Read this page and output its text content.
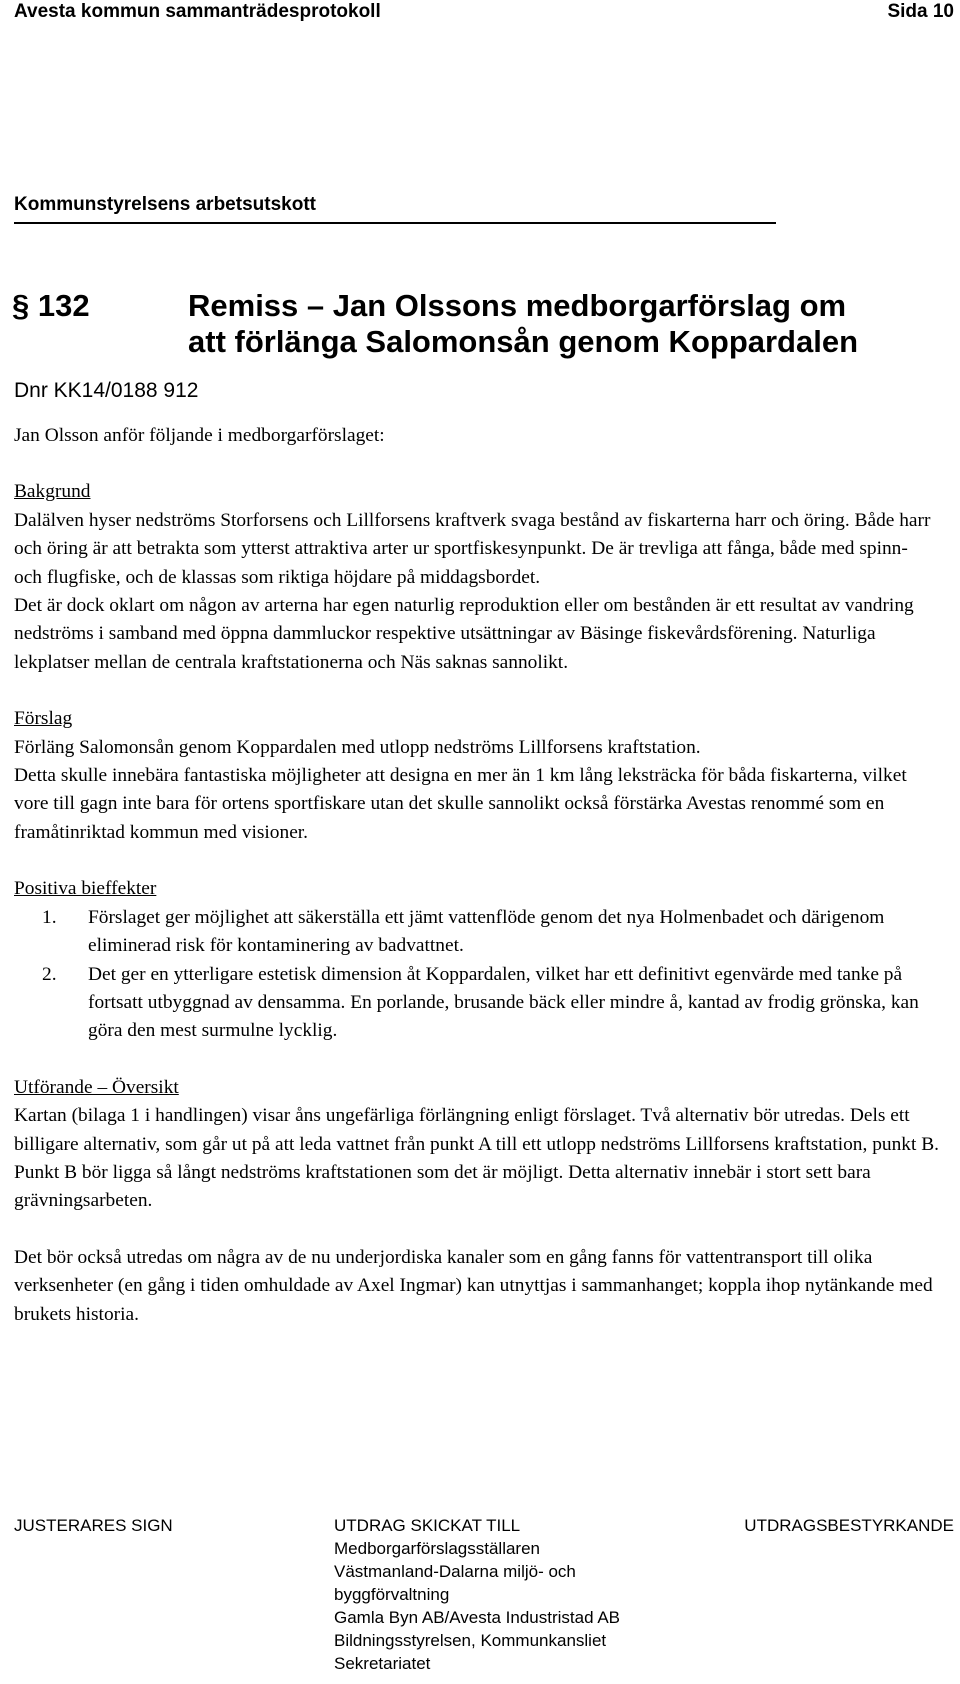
Avesta kommun sammanträdesprotokoll	Sida 10
Kommunstyrelsens arbetsutskott
§ 132	Remiss – Jan Olssons medborgarförslag om
att förlänga Salomonsån genom Koppardalen
Dnr KK14/0188 912

Jan Olsson anför följande i medborgarförslaget:

Bakgrund

Dalälven hyser nedströms Storforsens och Lillforsens kraftverk svaga bestånd av fiskarterna harr och öring. Både harr och öring är att betrakta som ytterst attraktiva arter ur sportfiskesynpunkt. De är trevliga att fånga, både med spinn- och flugfiske, och de klassas som riktiga höjdare på middagsbordet.

Det är dock oklart om någon av arterna har egen naturlig reproduktion eller om bestånden är ett resultat av vandring nedströms i samband med öppna dammluckor respektive utsättningar av Bäsinge fiskevårdsförening. Naturliga lekplatser mellan de centrala kraftstationerna och Näs saknas sannolikt.

Förslag

Förläng Salomonsån genom Koppardalen med utlopp nedströms Lillforsens kraftstation.

Detta skulle innebära fantastiska möjligheter att designa en mer än 1 km lång leksträcka för båda fiskarterna, vilket vore till gagn inte bara för ortens sportfiskare utan det skulle sannolikt också förstärka Avestas renommé som en framåtinriktad kommun med visioner.

Positiva bieffekter

1. Förslaget ger möjlighet att säkerställa ett jämt vattenflöde genom det nya Holmenbadet och därigenom eliminerad risk för kontaminering av badvattnet.
2. Det ger en ytterligare estetisk dimension åt Koppardalen, vilket har ett definitivt egenvärde med tanke på fortsatt utbyggnad av densamma. En porlande, brusande bäck eller mindre å, kantad av frodig grönska, kan göra den mest surmulne lycklig.

Utförande – Översikt

Kartan (bilaga 1 i handlingen) visar åns ungefärliga förlängning enligt förslaget. Två alternativ bör utredas. Dels ett billigare alternativ, som går ut på att leda vattnet från punkt A till ett utlopp nedströms Lillforsens kraftstation, punkt B. Punkt B bör ligga så långt nedströms kraftstationen som det är möjligt. Detta alternativ innebär i stort sett bara grävningsarbeten.

Det bör också utredas om några av de nu underjordiska kanaler som en gång fanns för vattentransport till olika verksenheter (en gång i tiden omhuldade av Axel Ingmar) kan utnyttjas i sammanhanget; koppla ihop nytänkande med brukets historia.

JUSTERARES SIGN	UTDRAG SKICKAT TILL
Medborgarförslagsställaren
Västmanland-Dalarna miljö- och
byggförvaltning
Gamla Byn AB/Avesta Industristad AB
Bildningsstyrelsen, Kommunkansliet
Sekretariatet
UTDRAGSBESTYRKANDE
